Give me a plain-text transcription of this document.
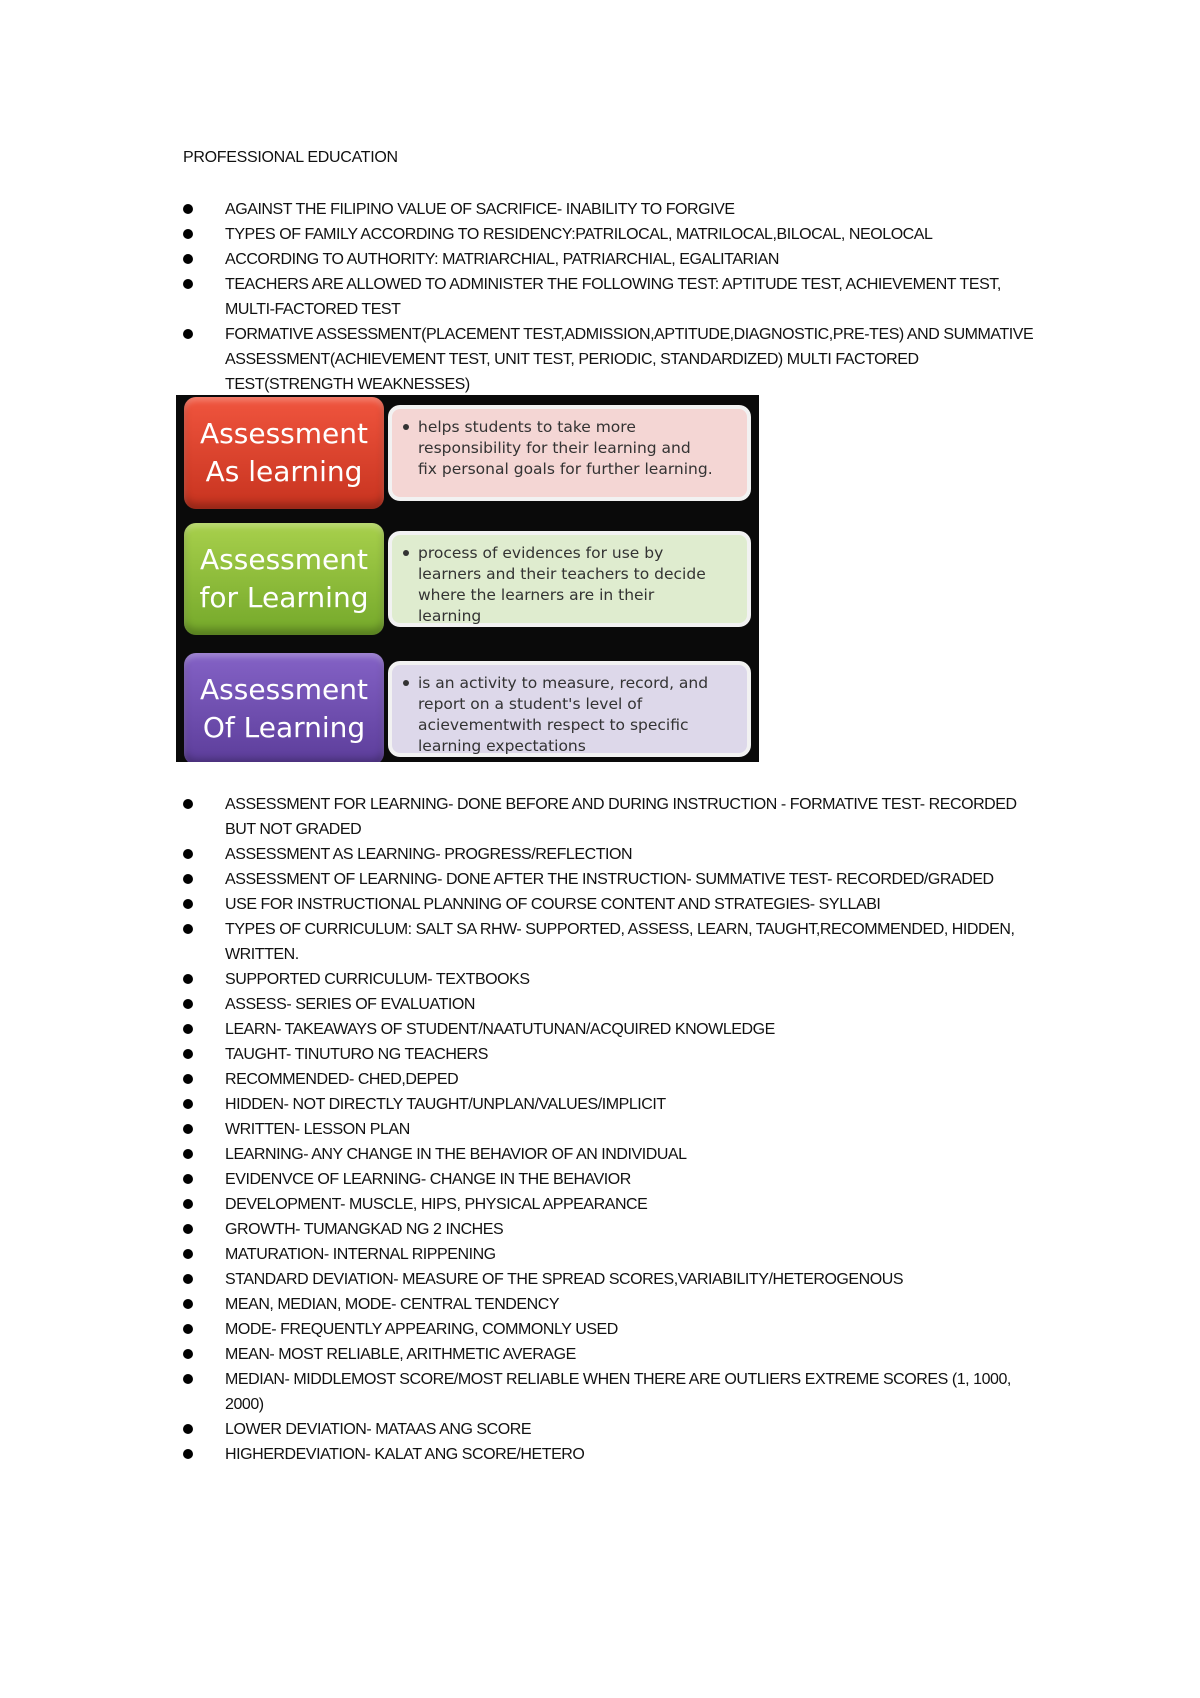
PROFESSIONAL EDUCATION
AGAINST THE FILIPINO VALUE OF SACRIFICE- INABILITY TO FORGIVE
TYPES OF FAMILY ACCORDING TO RESIDENCY:PATRILOCAL, MATRILOCAL,BILOCAL, NEOLOCAL
ACCORDING TO AUTHORITY: MATRIARCHIAL, PATRIARCHIAL, EGALITARIAN
TEACHERS ARE ALLOWED TO ADMINISTER THE FOLLOWING TEST: APTITUDE TEST, ACHIEVEMENT TEST, MULTI-FACTORED TEST
FORMATIVE ASSESSMENT(PLACEMENT TEST,ADMISSION,APTITUDE,DIAGNOSTIC,PRE-TES) AND SUMMATIVE ASSESSMENT(ACHIEVEMENT TEST, UNIT TEST, PERIODIC, STANDARDIZED) MULTI FACTORED TEST(STRENGTH WEAKNESSES)
Assessment
As learning
helps students to take more
responsibility for their learning and
fix personal goals for further learning.
Assessment
for Learning
process of evidences for use by
learners and their teachers to decide
where the learners are in their
learning
Assessment
Of Learning
is an activity to measure, record, and
report on a student's level of
acievementwith respect to specific
learning expectations
ASSESSMENT FOR LEARNING- DONE BEFORE AND DURING INSTRUCTION - FORMATIVE TEST- RECORDED BUT NOT GRADED
ASSESSMENT AS LEARNING- PROGRESS/REFLECTION
ASSESSMENT OF LEARNING- DONE AFTER THE INSTRUCTION- SUMMATIVE TEST- RECORDED/GRADED
USE FOR INSTRUCTIONAL PLANNING OF COURSE CONTENT AND STRATEGIES- SYLLABI
TYPES OF CURRICULUM: SALT SA RHW- SUPPORTED, ASSESS, LEARN, TAUGHT,RECOMMENDED, HIDDEN, WRITTEN.
SUPPORTED CURRICULUM- TEXTBOOKS
ASSESS- SERIES OF EVALUATION
LEARN- TAKEAWAYS OF STUDENT/NAATUTUNAN/ACQUIRED KNOWLEDGE
TAUGHT- TINUTURO NG TEACHERS
RECOMMENDED- CHED,DEPED
HIDDEN- NOT DIRECTLY TAUGHT/UNPLAN/VALUES/IMPLICIT
WRITTEN- LESSON PLAN
LEARNING- ANY CHANGE IN THE BEHAVIOR OF AN INDIVIDUAL
EVIDENVCE OF LEARNING- CHANGE IN THE BEHAVIOR
DEVELOPMENT- MUSCLE, HIPS, PHYSICAL APPEARANCE
GROWTH- TUMANGKAD NG 2 INCHES
MATURATION- INTERNAL RIPPENING
STANDARD DEVIATION- MEASURE OF THE SPREAD SCORES,VARIABILITY/HETEROGENOUS
MEAN, MEDIAN, MODE- CENTRAL TENDENCY
MODE- FREQUENTLY APPEARING, COMMONLY USED
MEAN- MOST RELIABLE, ARITHMETIC AVERAGE
MEDIAN- MIDDLEMOST SCORE/MOST RELIABLE WHEN THERE ARE OUTLIERS EXTREME SCORES (1, 1000, 2000)
LOWER DEVIATION- MATAAS ANG SCORE
HIGHERDEVIATION- KALAT ANG SCORE/HETERO
